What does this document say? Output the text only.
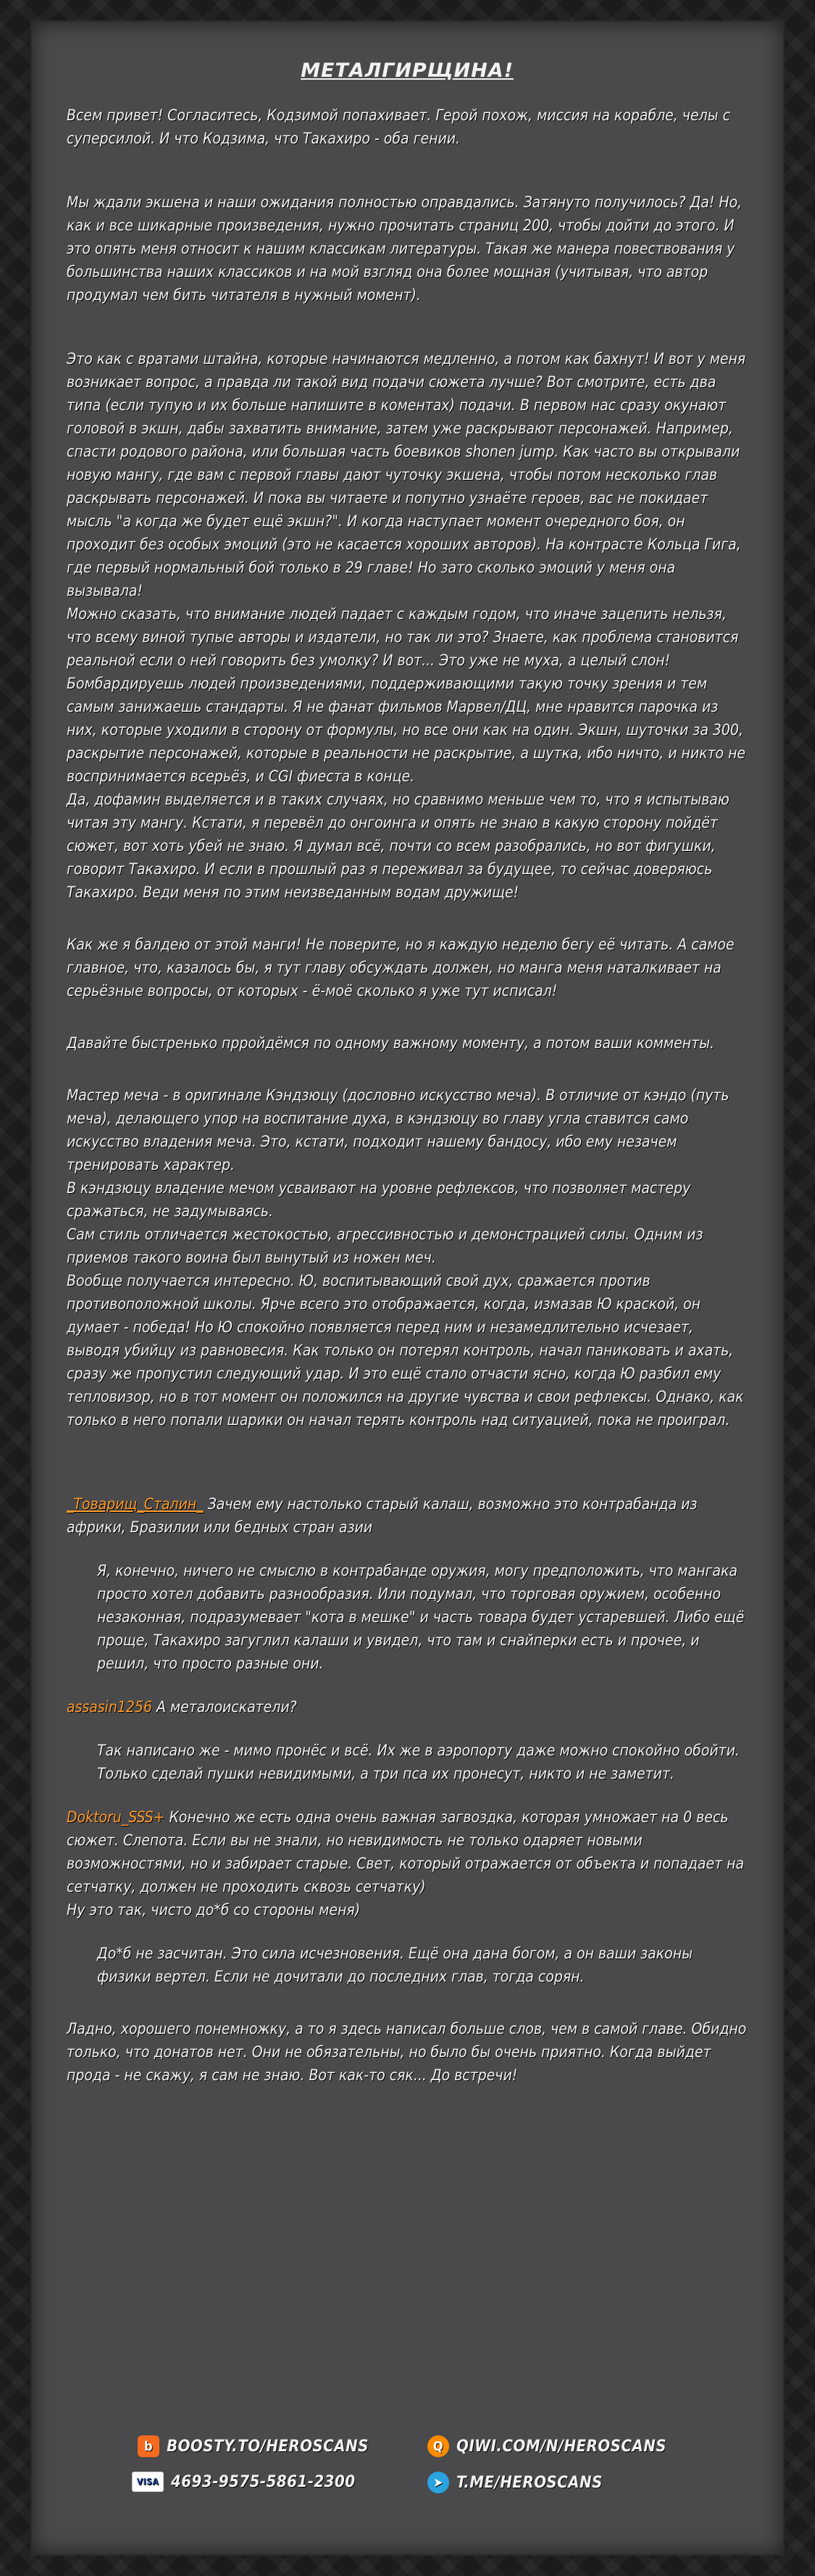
МЕТАЛГИРЩИНА!

Всем привет! Согласитесь, Кодзимой попахивает. Герой похож, миссия на корабле, челы с суперсилой. И что Кодзима, что Такахиро - оба гении.

Мы ждали экшена и наши ожидания полностью оправдались. Затянуто получилось? Да! Но, как и все шикарные произведения, нужно прочитать страниц 200, чтобы дойти до этого. И это опять меня относит к нашим классикам литературы. Такая же манера повествования у большинства наших классиков и на мой взгляд она более мощная (учитывая, что автор продумал чем бить читателя в нужный момент).

Это как с вратами штайна, которые начинаются медленно, а потом как бахнут! И вот у меня возникает вопрос, а правда ли такой вид подачи сюжета лучше? Вот смотрите, есть два типа (если тупую и их больше напишите в коментах) подачи. В первом нас сразу окунают головой в экшн, дабы захватить внимание, затем уже раскрывают персонажей. Например, спасти родового района, или большая часть боевиков shonen jump. Как часто вы открывали новую мангу, где вам с первой главы дают чуточку экшена, чтобы потом несколько глав раскрывать персонажей. И пока вы читаете и попутно узнаёте героев, вас не покидает мысль "а когда же будет ещё экшн?". И когда наступает момент очередного боя, он проходит без особых эмоций (это не касается хороших авторов). На контрасте Кольца Гига, где первый нормальный бой только в 29 главе! Но зато сколько эмоций у меня она вызывала!

Можно сказать, что внимание людей падает с каждым годом, что иначе зацепить нельзя, что всему виной тупые авторы и издатели, но так ли это? Знаете, как проблема становится реальной если о ней говорить без умолку? И вот... Это уже не муха, а целый слон! Бомбардируешь людей произведениями, поддерживающими такую точку зрения и тем самым занижаешь стандарты. Я не фанат фильмов Марвел/ДЦ, мне нравится парочка из них, которые уходили в сторону от формулы, но все они как на один. Экшн, шуточки за 300, раскрытие персонажей, которые в реальности не раскрытие, а шутка, ибо ничто, и никто не воспринимается всерьёз, и CGI фиеста в конце.

Да, дофамин выделяется и в таких случаях, но сравнимо меньше чем то, что я испытываю читая эту мангу. Кстати, я перевёл до онгоинга и опять не знаю в какую сторону пойдёт сюжет, вот хоть убей не знаю. Я думал всё, почти со всем разобрались, но вот фигушки, говорит Такахиро. И если в прошлый раз я переживал за будущее, то сейчас доверяюсь Такахиро. Веди меня по этим неизведанным водам дружище!

Как же я балдею от этой манги! Не поверите, но я каждую неделю бегу её читать. А самое главное, что, казалось бы, я тут главу обсуждать должен, но манга меня наталкивает на серьёзные вопросы, от которых - ё-моё сколько я уже тут исписал!

Давайте быстренько прройдёмся по одному важному моменту, а потом ваши комменты.

Мастер меча - в оригинале Кэндзюцу (дословно искусство меча). В отличие от кэндо (путь меча), делающего упор на воспитание духа, в кэндзюцу во главу угла ставится само искусство владения меча. Это, кстати, подходит нашему бандосу, ибо ему незачем тренировать характер.

В кэндзюцу владение мечом усваивают на уровне рефлексов, что позволяет мастеру сражаться, не задумываясь.

Сам стиль отличается жестокостью, агрессивностью и демонстрацией силы. Одним из приемов такого воина был вынутый из ножен меч.

Вообще получается интересно. Ю, воспитывающий свой дух, сражается против противоположной школы. Ярче всего это отображается, когда, измазав Ю краской, он думает - победа! Но Ю спокойно появляется перед ним и незамедлительно исчезает, выводя убийцу из равновесия. Как только он потерял контроль, начал паниковать и ахать, сразу же пропустил следующий удар. И это ещё стало отчасти ясно, когда Ю разбил ему тепловизор, но в тот момент он положился на другие чувства и свои рефлексы. Однако, как только в него попали шарики он начал терять контроль над ситуацией, пока не проиграл.

_Товарищ_Сталин_ Зачем ему настолько старый калаш, возможно это контрабанда из африки, Бразилии или бедных стран азии

Я, конечно, ничего не смыслю в контрабанде оружия, могу предположить, что мангака просто хотел добавить разнообразия. Или подумал, что торговая оружием, особенно незаконная, подразумевает "кота в мешке" и часть товара будет устаревшей. Либо ещё проще, Такахиро загуглил калаши и увидел, что там и снайперки есть и прочее, и решил, что просто разные они.

assasin1256 А металоискатели?

Так написано же - мимо пронёс и всё. Их же в аэропорту даже можно спокойно обойти. Только сделай пушки невидимыми, а три пса их пронесут, никто и не заметит.

Doktoru_SSS+ Конечно же есть одна очень важная загвоздка, которая умножает на 0 весь сюжет. Слепота. Если вы не знали, но невидимость не только одаряет новыми возможностями, но и забирает старые. Свет, который отражается от объекта и попадает на сетчатку, должен не проходить сквозь сетчатку)

Ну это так, чисто до*б со стороны меня)

До*б не засчитан. Это сила исчезновения. Ещё она дана богом, а он ваши законы физики вертел. Если не дочитали до последних глав, тогда сорян.

Ладно, хорошего понемножку, а то я здесь написал больше слов, чем в самой главе. Обидно только, что донатов нет. Они не обязательны, но было бы очень приятно. Когда выйдет прода - не скажу, я сам не знаю. Вот как-то сяк... До встречи!

b BOOSTY.TO/HEROSCANS	Q QIWI.COM/N/HEROSCANS
VISA 4693-9575-5861-2300	➤ T.ME/HEROSCANS
